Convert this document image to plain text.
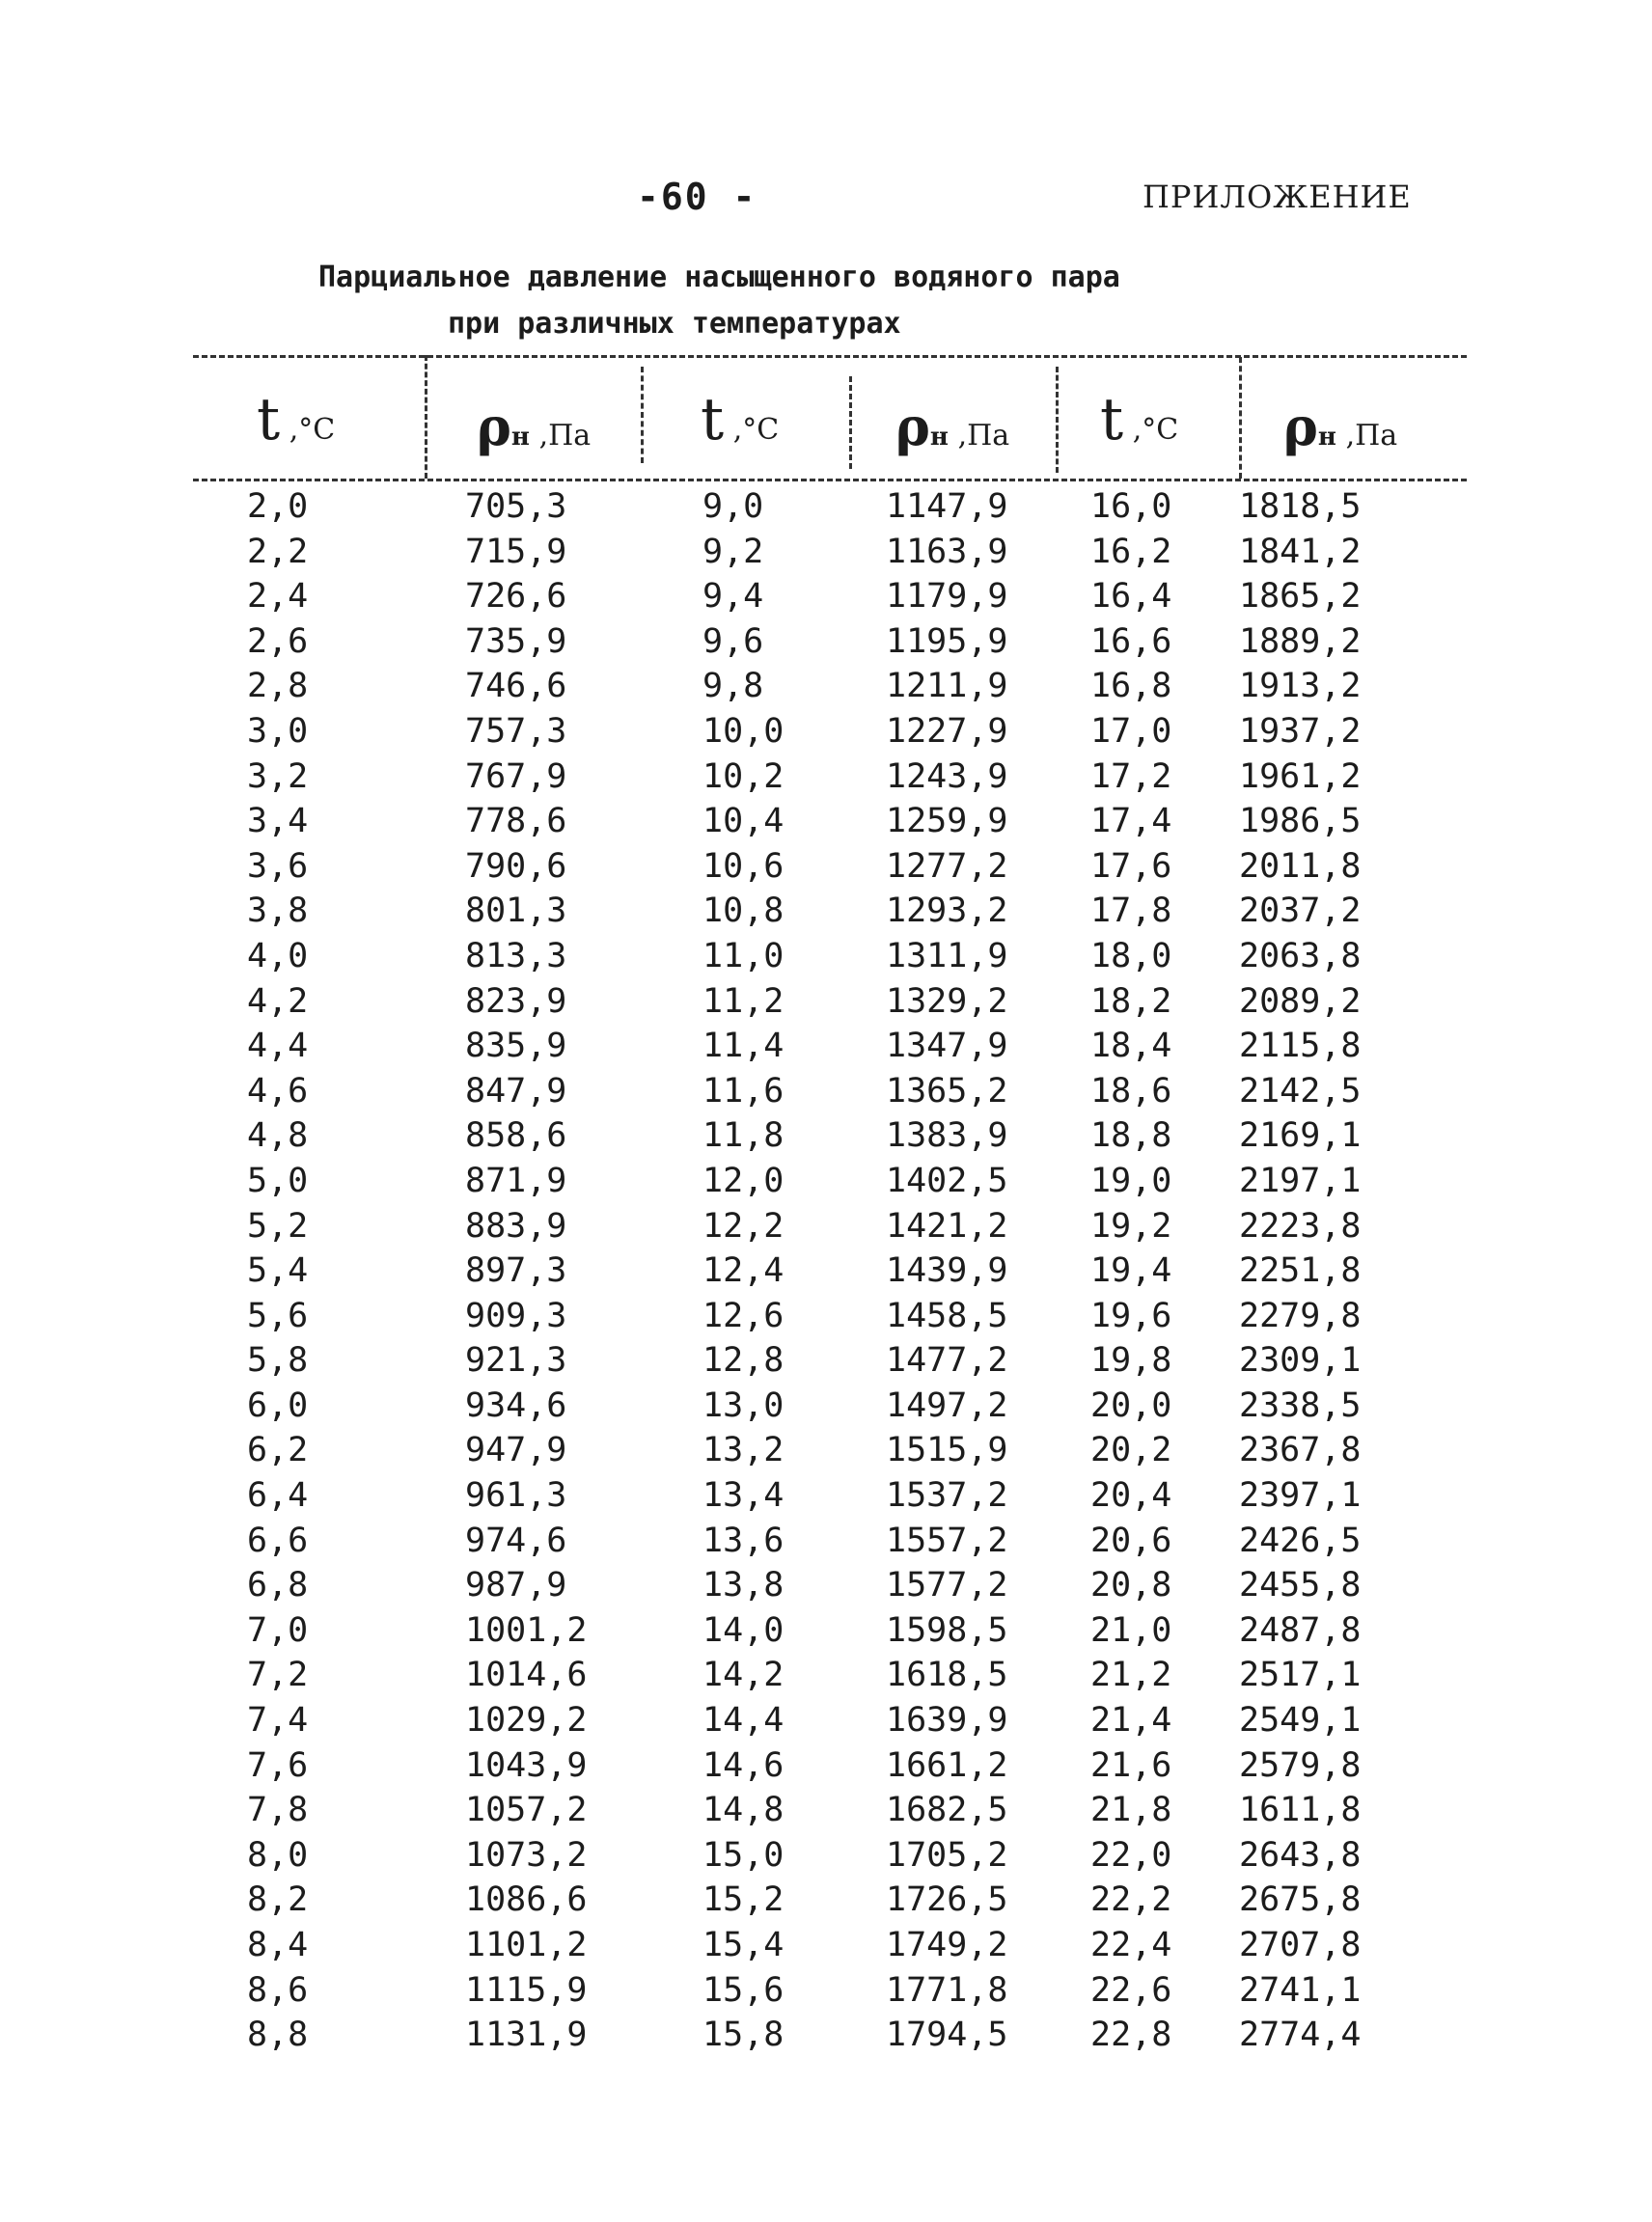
-60 -	ПРИЛОЖЕНИЕ
Парциальное давление насыщенного водяного пара
при различных температурах
t ,°C	ρн ,Па t ,°C ρн ,Па t ,°C ρн ,Па
2,0	705,3	9,0	1147,9 16,0 1818,5
2,2	715,9	9,2	1163,9 16,2 1841,2
2,4	726,6	9,4	1179,9 16,4 1865,2
2,6	735,9	9,6	1195,9 16,6 1889,2
2,8	746,6	9,8	1211,9 16,8 1913,2
3,0	757,3	10,0	1227,9 17,0 1937,2
3,2	767,9	10,2	1243,9 17,2 1961,2
3,4	778,6	10,4	1259,9 17,4 1986,5
3,6	790,6	10,6	1277,2 17,6 2011,8
3,8	801,3	10,8	1293,2 17,8 2037,2
4,0	813,3	11,0	1311,9 18,0 2063,8
4,2	823,9	11,2	1329,2 18,2 2089,2
4,4	835,9	11,4	1347,9 18,4 2115,8
4,6	847,9	11,6	1365,2 18,6 2142,5
4,8	858,6	11,8	1383,9 18,8 2169,1
5,0	871,9	12,0	1402,5 19,0 2197,1
5,2	883,9	12,2	1421,2 19,2 2223,8
5,4	897,3	12,4	1439,9 19,4 2251,8
5,6	909,3	12,6	1458,5 19,6 2279,8
5,8	921,3	12,8	1477,2 19,8 2309,1
6,0	934,6	13,0	1497,2 20,0 2338,5
6,2	947,9	13,2	1515,9 20,2 2367,8
6,4	961,3	13,4	1537,2 20,4 2397,1
6,6	974,6	13,6	1557,2 20,6 2426,5
6,8	987,9	13,8	1577,2 20,8 2455,8
7,0	1001,2	14,0	1598,5 21,0 2487,8
7,2	1014,6	14,2	1618,5 21,2 2517,1
7,4	1029,2	14,4	1639,9 21,4 2549,1
7,6	1043,9	14,6	1661,2 21,6 2579,8
7,8	1057,2	14,8	1682,5 21,8 1611,8
8,0	1073,2	15,0	1705,2 22,0 2643,8
8,2	1086,6	15,2	1726,5 22,2 2675,8
8,4	1101,2	15,4	1749,2 22,4 2707,8
8,6	1115,9	15,6	1771,8 22,6 2741,1
8,8	1131,9	15,8	1794,5 22,8 2774,4
